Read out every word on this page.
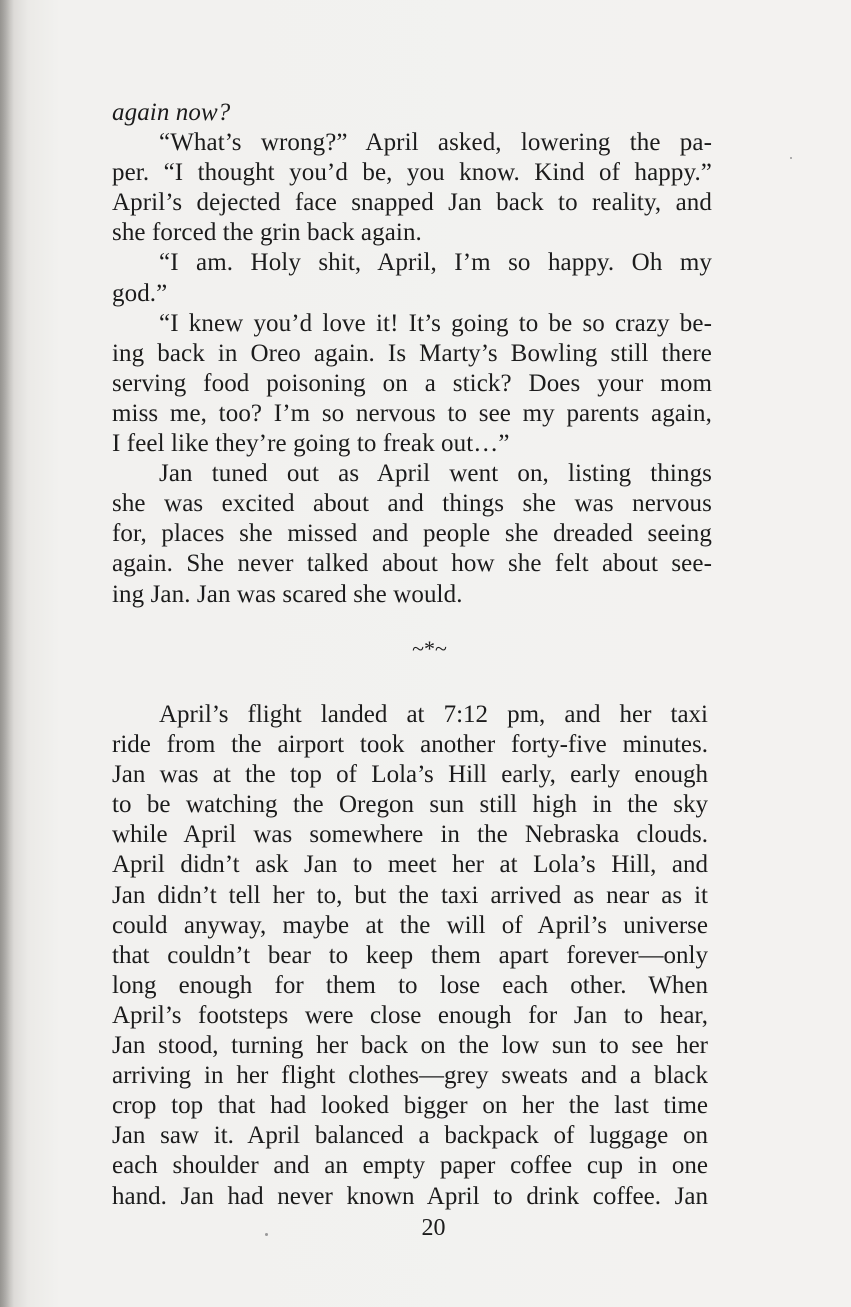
again now?
“What’s wrong?” April asked, lowering the pa-
per. “I thought you’d be, you know. Kind of happy.”
April’s dejected face snapped Jan back to reality, and
she forced the grin back again.
“I am. Holy shit, April, I’m so happy. Oh my
god.”
“I knew you’d love it! It’s going to be so crazy be-
ing back in Oreo again. Is Marty’s Bowling still there
serving food poisoning on a stick? Does your mom
miss me, too? I’m so nervous to see my parents again,
I feel like they’re going to freak out…”
Jan tuned out as April went on, listing things
she was excited about and things she was nervous
for, places she missed and people she dreaded seeing
again. She never talked about how she felt about see-
ing Jan. Jan was scared she would.
~*~
April’s flight landed at 7:12 pm, and her taxi
ride from the airport took another forty-five minutes.
Jan was at the top of Lola’s Hill early, early enough
to be watching the Oregon sun still high in the sky
while April was somewhere in the Nebraska clouds.
April didn’t ask Jan to meet her at Lola’s Hill, and
Jan didn’t tell her to, but the taxi arrived as near as it
could anyway, maybe at the will of April’s universe
that couldn’t bear to keep them apart forever—only
long enough for them to lose each other. When
April’s footsteps were close enough for Jan to hear,
Jan stood, turning her back on the low sun to see her
arriving in her flight clothes—grey sweats and a black
crop top that had looked bigger on her the last time
Jan saw it. April balanced a backpack of luggage on
each shoulder and an empty paper coffee cup in one
hand. Jan had never known April to drink coffee. Jan
20
